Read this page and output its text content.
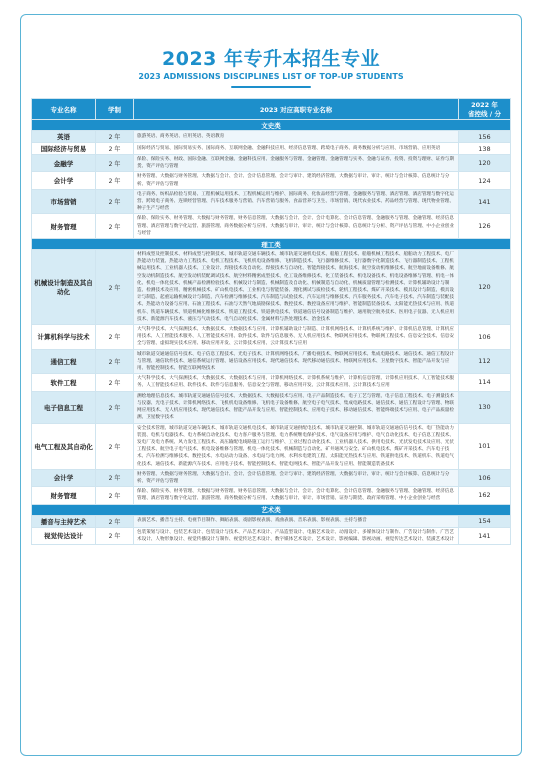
2023 年专升本招生专业
2023 ADMISSIONS DISCIPLINES LIST OF TOP-UP STUDENTS
专业名称	学制	2023 对应高职专业名称	2022 年
省控线 / 分

文史类			
英语	2 年	旅游英语、商务英语、应用英语、英语教育	156
国际经济与贸易	2 年	国际经济与贸易、国际贸易实务、国际商务、互联网金融、金融科技应用、经济信息管理、跨境电子商务、商务数据分析与应用、市场营销、应用英语	138
金融学	2 年	保险、保险实务、财政、国际金融、互联网金融、金融科技应用、金融服务与管理、金融管理、金融管理与实务、金融与证券、投资、投资与理财、证券与期货、资产评估与管理	120
会计学	2 年	财务管理、大数据与财务管理、大数据与会计、会计、会计信息管理、会计与审计、建筑经济管理、大数据与审计、审计、统计与会计核算、信息统计与分析、资产评估与管理	124
市场营销	2 年	电子商务、纺织品检验与贸易、工程机械运用技术、工程机械运用与维护、国际商务、化妆品经营与管理、金融服务与管理、酒店管理、酒店管理与数字化运营、跨境电子商务、连锁经营管理、汽车技术服务与营销、汽车营销与服务、食品营养与卫生、市场营销、现代农业技术、药品经营与管理、现代物业管理、种子生产与经营	141
财务管理	2 年	保险、保险实务、财务管理、大数据与财务管理、财务信息管理、大数据与会计、会计、会计电算化、会计信息管理、金融服务与管理、金融管理、经济信息管理、酒店管理与数字化运营、旅游管理、商务数据分析与应用、大数据与审计、审计、统计与会计核算、信息统计与分析、资产评估与管理、中小企业创业与经营	126
理工类			
机械设计制造及其自动化	2 年	材料成型及控制技术、材料成型与控制技术、城市轨道交通车辆技术、城市轨道交通机电技术、船舶工程技术、船舶机械工程技术、船舶动力工程技术、电厂热能动力装置、热能动力工程技术、电机工程技术、飞机机电设备维修、飞机制造技术、飞行器维修技术、飞行器数字化制造技术、飞行器制造技术、工程机械运用技术、工业机器人技术、工业设计、焊接技术及自动化、焊接技术与自动化、智能焊接技术、航海技术、航空发动机维修技术、航空地面设备维修、航空发动机制造技术、航空发动机装配调试技术、航空材料精密成型技术、化工设备维修技术、化工装备技术、机电设备技术、机电设备维修与管理、机电一体化、机电一体化技术、机械产品检测检验技术、机械设计与制造、机械制造及自动化、机械制造与自动化、机械质量管理与检测技术、计算机辅助设计与制造、检测技术及应用、精密机械技术、矿山机电技术、工业机电与智能装备、理化测试与质检技术、轮机工程技术、煤矿开采技术、模具设计与制造、模具设计与制造、起重运输机械设计与制造、汽车检测与维修技术、汽车制造与试验技术、汽车运用与维修技术、汽车服务技术、汽车电子技术、汽车制造与装配技术、热能动力设备与应用、石油工程技术、石油与天然气地质勘探技术、数控技术、数控设备应用与维护、智能制造装备技术、太阳能光热技术与应用、铁道机车、铁道车辆技术、铁道机械化维修技术、铁道工程技术、铁道供电技术、铁道通信信号设备制造与维护、通用航空航务技术、医用电子仪器、无人机应用技术、新能源汽车技术、液压与气动技术、电气自动化技术、金属材料与热处理技术、冶金技术	120
计算机科学与技术	2 年	大气科学技术、大气探测技术、大数据技术、大数据技术与应用、计算机辅助设计与制造、计算机网络技术、计算机系统与维护、计算机信息管理、计算机应用技术、人工智能技术服务、人工智能技术应用、软件技术、软件与信息服务、无人机应用技术、物联网应用技术、物联网工程技术、信息安全技术、信息安全与管理、虚拟现实技术应用、移动应用开发、云计算技术应用、云计算技术与应用	106
通信工程	2 年	城市轨道交通通信信号技术、电子信息工程技术、光电子技术、计算机网络技术、广播电视技术、物联网应用技术、集成电路技术、通信技术、通信工程设计与管理、通信软件技术、通信系统运行管理、通信设备应用技术、现代通信技术、现代移动通信技术、物联网应用技术、卫星数字技术、智能产品开发与应用、智能控制技术、智能互联网络技术	112
软件工程	2 年	大气科学技术、大气探测技术、大数据技术、大数据技术与应用、计算机网络技术、计算机系统与维护、计算机信息管理、计算机应用技术、人工智能技术服务、人工智能技术应用、软件技术、软件与信息服务、信息安全与管理、移动应用开发、云计算技术应用、云计算技术与应用	114
电子信息工程	2 年	测绘地理信息技术、城市轨道交通通信信号技术、大数据技术、大数据技术与应用、电子产品制造技术、电子工艺与管理、电子信息工程技术、电子测量技术与仪器、光电子技术、计算机网络技术、飞机机电设备维修、飞机电子设备维修、航空电子电气技术、集成电路技术、通信技术、通信工程设计与管理、物联网应用技术、无人机应用技术、现代通信技术、智能产品开发与应用、智能控制技术、应用电子技术、移动通信技术、智能终端技术与应用、电子产品质量检测、卫星数字技术	130
电气工程及其自动化	2 年	安全技术管理、城市轨道交通车辆技术、城市轨道交通机电技术、城市轨道交通供配电技术、城市轨道交通控制、城市轨道交通通信信号技术、电厂热能动力装置、电机与电器技术、电力系统自动化技术、电力客户服务与管理、电力系统继电保护技术、电气设备应用与维护、电气自动化技术、电子信息工程技术、发电厂及电力系统、风力发电工程技术、高压输配电线路施工运行与维护、工业过程自动化技术、工业机器人技术、供用电技术、光伏发电技术及应用、光伏工程技术、航空电子电气技术、机电设备维修与管理、机电一体化技术、机械制造与自动化、矿井通风与安全、矿山机电技术、煤矿开采技术、汽车电子技术、汽车检测与维修技术、数控技术、水电站动力设备、水电站与电力网、水利水电建筑工程、太阳能光热技术与应用、铁道供电技术、铁道机车、铁道电气化技术、通信技术、新能源汽车技术、应用电子技术、智能控制技术、智能电网技术、智能产品开发与应用、智能制造装备技术	101
会计学	2 年	财务管理、大数据与财务管理、大数据与会计、会计、会计信息管理、会计与审计、建筑经济管理、大数据与审计、审计、统计与会计核算、信息统计与分析、资产评估与管理	106
财务管理	2 年	保险、保险实务、财务管理、大数据与财务管理、财务信息管理、大数据与会计、会计、会计电算化、会计信息管理、金融服务与管理、金融管理、经济信息管理、酒店管理与数字化运营、旅游管理、商务数据分析与应用、大数据与审计、审计、市场营销、证券与期货、政府采购管理、中小企业创业与经营	162
艺术类			
播音与主持艺术	2 年	表演艺术、播音与主持、电视节目制作、舞蹈表演、戏剧影视表演、戏曲表演、音乐表演、影视表演、主持与播音	154
视觉传达设计	2 年	包装策划与设计、包装艺术设计、包装设计与技术、产品艺术设计、产品造型设计、电脑艺术设计、动漫设计、多媒体设计与制作、广告设计与制作、广告艺术设计、人物形象设计、视觉传播设计与制作、视觉传达艺术设计、数字媒体艺术设计、艺术设计、影视编辑、影视动画、视觉传达艺术设计、装潢艺术设计	141
